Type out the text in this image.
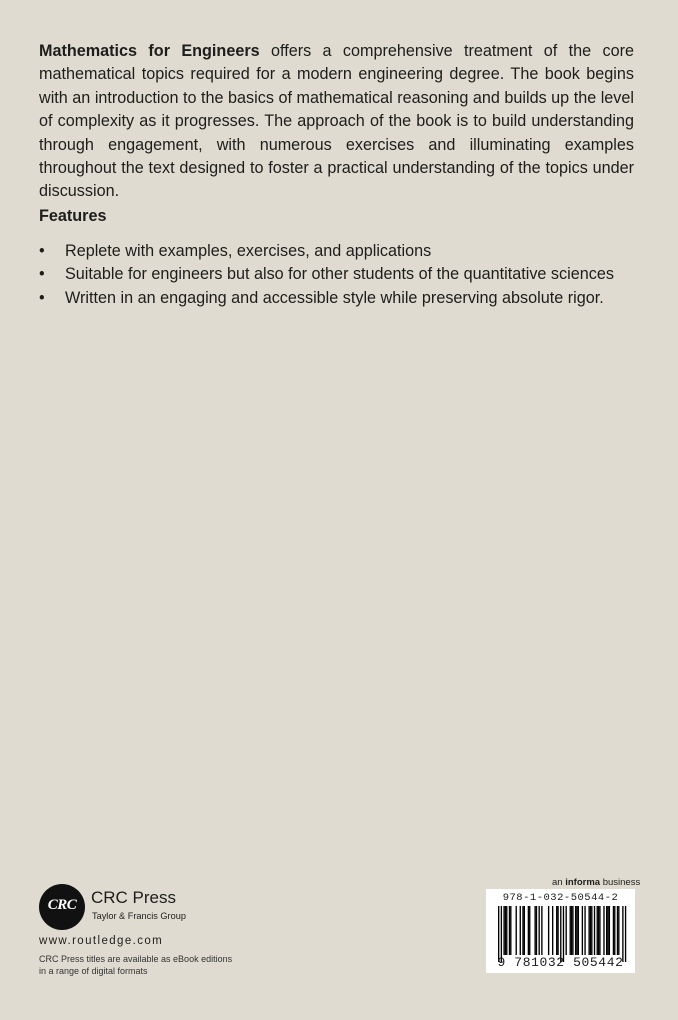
Mathematics for Engineers offers a comprehensive treatment of the core mathematical topics required for a modern engineering degree. The book begins with an introduction to the basics of mathematical reasoning and builds up the level of complexity as it progresses. The approach of the book is to build understanding through engagement, with numerous exercises and illuminating examples throughout the text designed to foster a practical understanding of the topics under discussion.

Features
• Replete with examples, exercises, and applications
• Suitable for engineers but also for other students of the quantitative sciences
• Written in an engaging and accessible style while preserving absolute rigor.
CRC CRC Press
Taylor & Francis Group
www.routledge.com
CRC Press titles are available as eBook editions in a range of digital formats
an informa business
978-1-032-50544-2
9 781032 505442
